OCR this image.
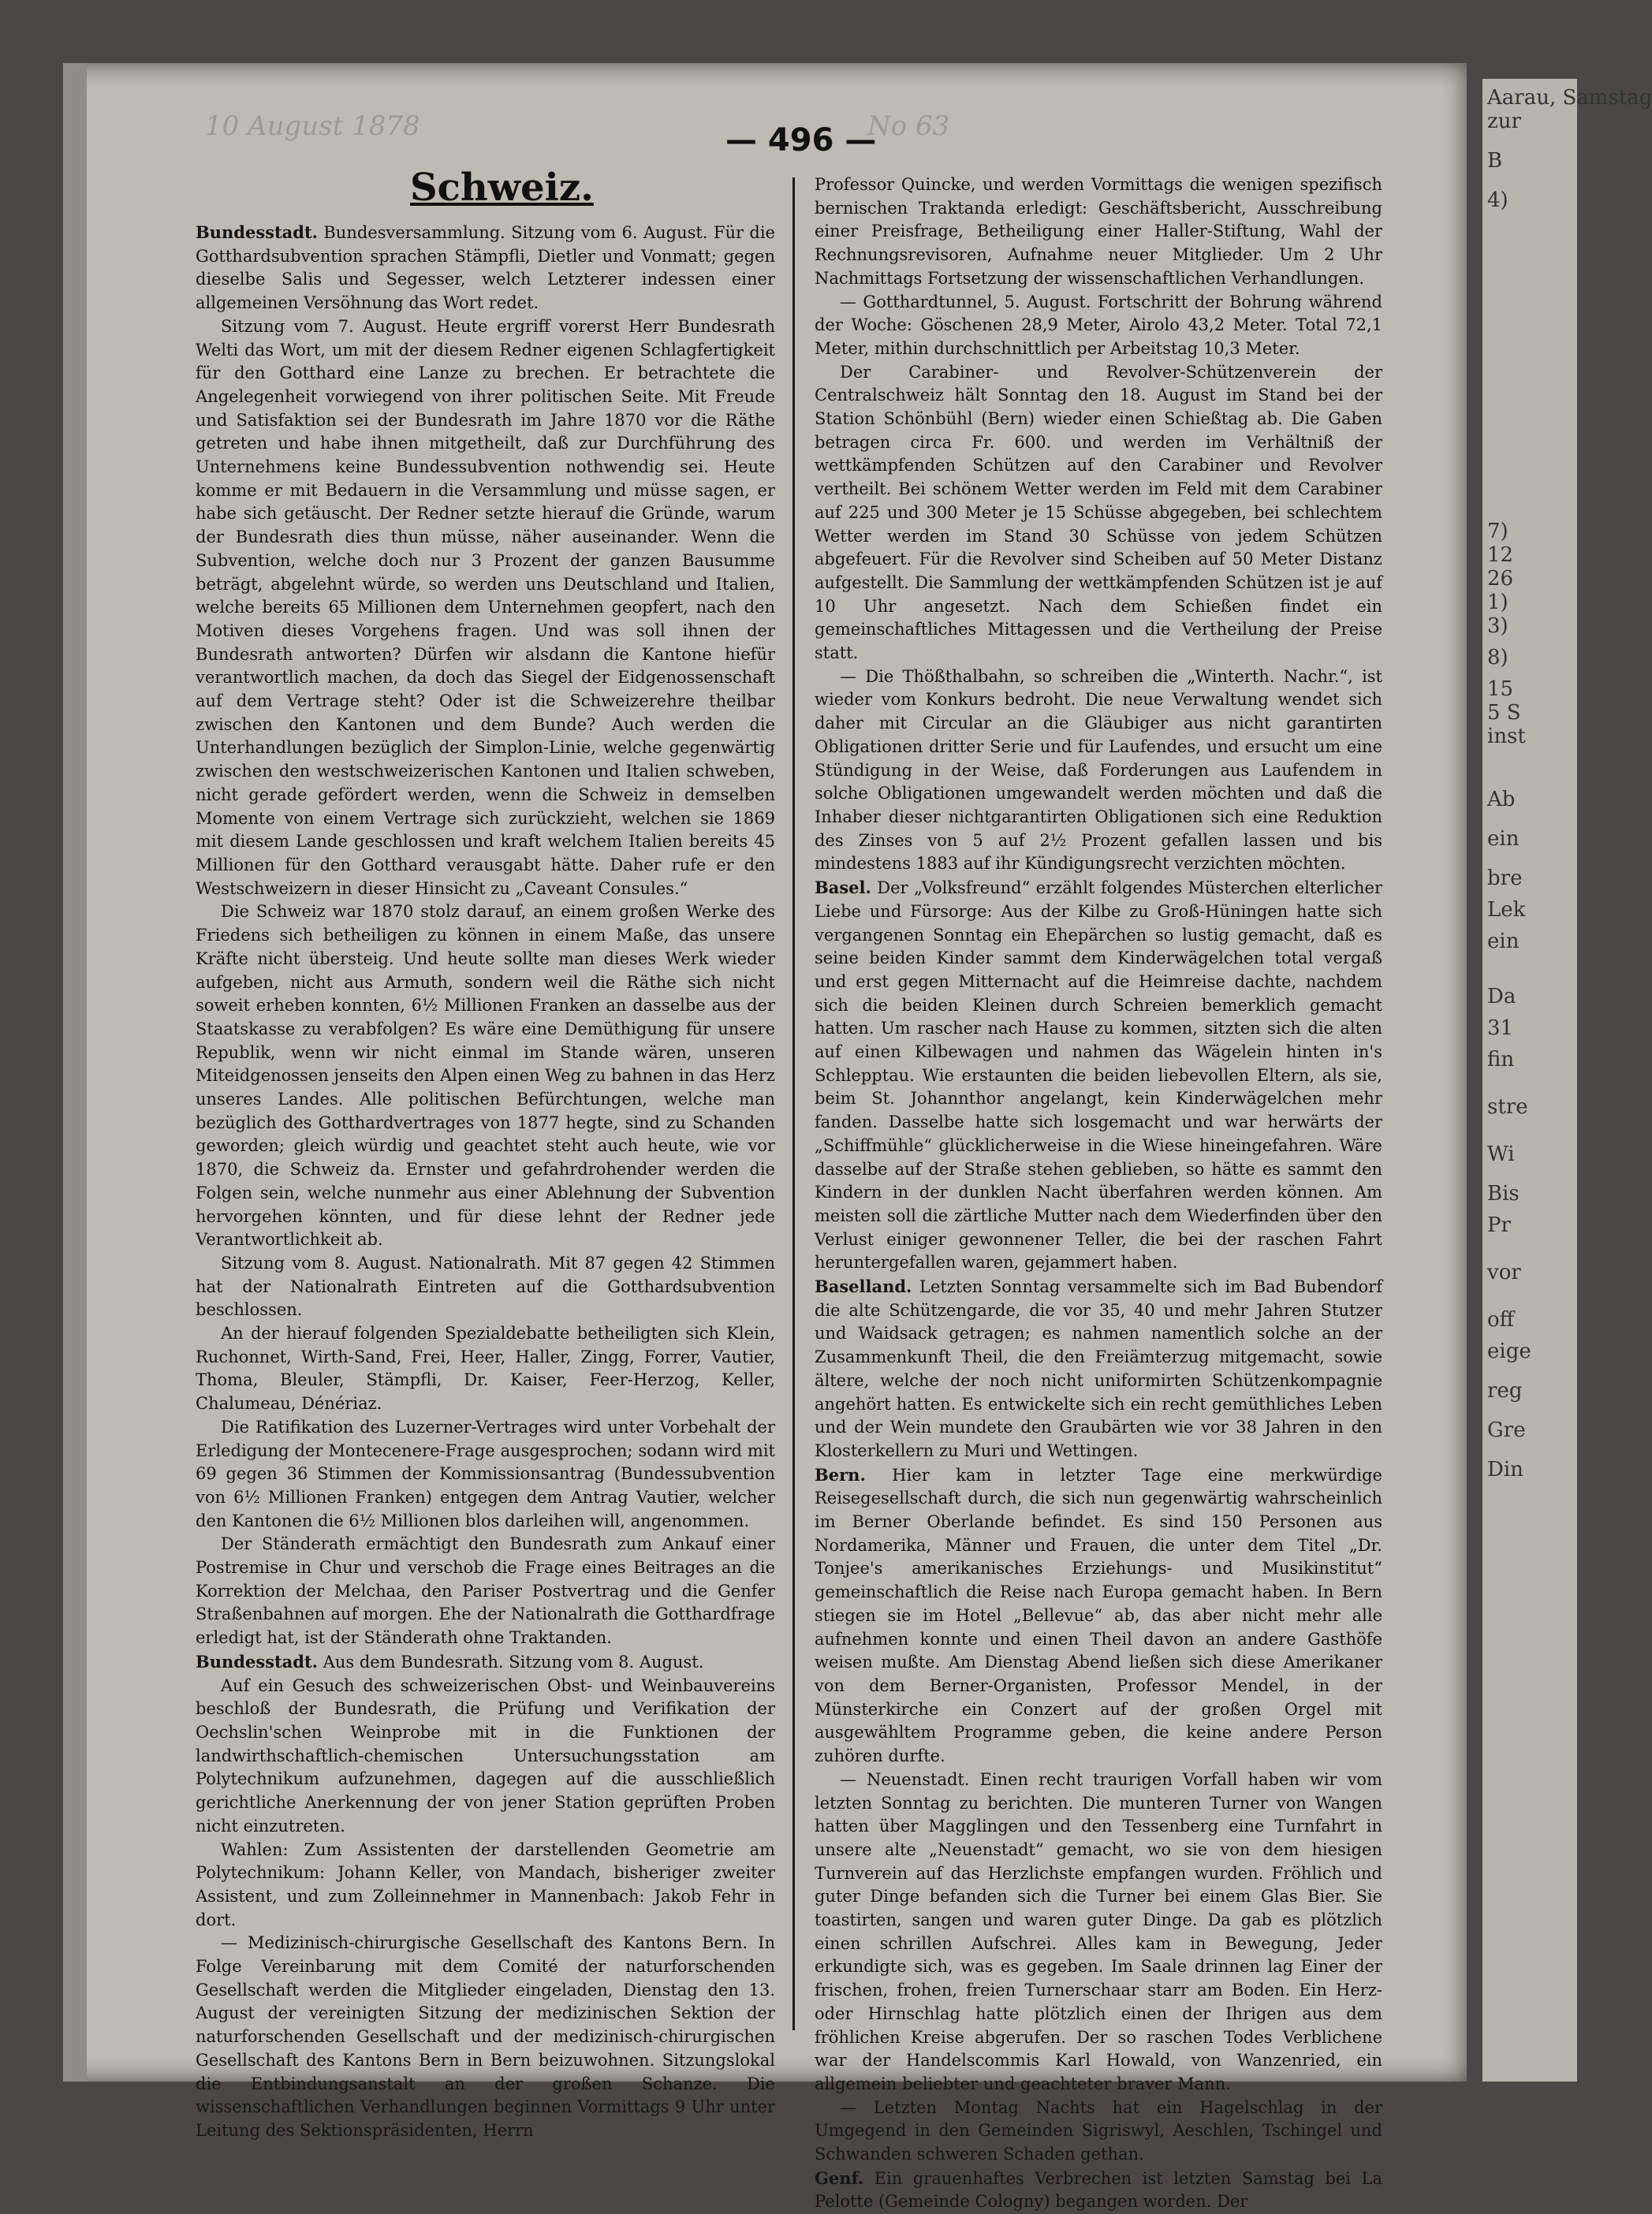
10 August 1878	No 63
— 496 —
Schweiz.

Bundesstadt. Bundesversammlung. Sitzung vom 6. August. Für die Gotthardsubvention sprachen Stämpfli, Dietler und Vonmatt; gegen dieselbe Salis und Segesser, welch Letzterer indessen einer allgemeinen Versöhnung das Wort redet.

Sitzung vom 7. August. Heute ergriff vorerst Herr Bundesrath Welti das Wort, um mit der diesem Redner eigenen Schlagfertigkeit für den Gotthard eine Lanze zu brechen. Er betrachtete die Angelegenheit vorwiegend von ihrer politischen Seite. Mit Freude und Satisfaktion sei der Bundesrath im Jahre 1870 vor die Räthe getreten und habe ihnen mitgetheilt, daß zur Durchführung des Unternehmens keine Bundessubvention nothwendig sei. Heute komme er mit Bedauern in die Versammlung und müsse sagen, er habe sich getäuscht. Der Redner setzte hierauf die Gründe, warum der Bundesrath dies thun müsse, näher auseinander. Wenn die Subvention, welche doch nur 3 Prozent der ganzen Bausumme beträgt, abgelehnt würde, so werden uns Deutschland und Italien, welche bereits 65 Millionen dem Unternehmen geopfert, nach den Motiven dieses Vorgehens fragen. Und was soll ihnen der Bundesrath antworten? Dürfen wir alsdann die Kantone hiefür verantwortlich machen, da doch das Siegel der Eidgenossenschaft auf dem Vertrage steht? Oder ist die Schweizerehre theilbar zwischen den Kantonen und dem Bunde? Auch werden die Unterhandlungen bezüglich der Simplon-Linie, welche gegenwärtig zwischen den westschweizerischen Kantonen und Italien schweben, nicht gerade gefördert werden, wenn die Schweiz in demselben Momente von einem Vertrage sich zurückzieht, welchen sie 1869 mit diesem Lande geschlossen und kraft welchem Italien bereits 45 Millionen für den Gotthard verausgabt hätte. Daher rufe er den Westschweizern in dieser Hinsicht zu „Caveant Consules.“

Die Schweiz war 1870 stolz darauf, an einem großen Werke des Friedens sich betheiligen zu können in einem Maße, das unsere Kräfte nicht übersteig. Und heute sollte man dieses Werk wieder aufgeben, nicht aus Armuth, sondern weil die Räthe sich nicht soweit erheben konnten, 6½ Millionen Franken an dasselbe aus der Staatskasse zu verabfolgen? Es wäre eine Demüthigung für unsere Republik, wenn wir nicht einmal im Stande wären, unseren Miteidgenossen jenseits den Alpen einen Weg zu bahnen in das Herz unseres Landes. Alle politischen Befürchtungen, welche man bezüglich des Gotthardvertrages von 1877 hegte, sind zu Schanden geworden; gleich würdig und geachtet steht auch heute, wie vor 1870, die Schweiz da. Ernster und gefahrdrohender werden die Folgen sein, welche nunmehr aus einer Ablehnung der Subvention hervorgehen könnten, und für diese lehnt der Redner jede Verantwortlichkeit ab.

Sitzung vom 8. August. Nationalrath. Mit 87 gegen 42 Stimmen hat der Nationalrath Eintreten auf die Gotthardsubvention beschlossen.

An der hierauf folgenden Spezialdebatte betheiligten sich Klein, Ruchonnet, Wirth-Sand, Frei, Heer, Haller, Zingg, Forrer, Vautier, Thoma, Bleuler, Stämpfli, Dr. Kaiser, Feer-Herzog, Keller, Chalumeau, Dénériaz.

Die Ratifikation des Luzerner-Vertrages wird unter Vorbehalt der Erledigung der Montecenere-Frage ausgesprochen; sodann wird mit 69 gegen 36 Stimmen der Kommissionsantrag (Bundessubvention von 6½ Millionen Franken) entgegen dem Antrag Vautier, welcher den Kantonen die 6½ Millionen blos darleihen will, angenommen.

Der Ständerath ermächtigt den Bundesrath zum Ankauf einer Postremise in Chur und verschob die Frage eines Beitrages an die Korrektion der Melchaa, den Pariser Postvertrag und die Genfer Straßenbahnen auf morgen. Ehe der Nationalrath die Gotthardfrage erledigt hat, ist der Ständerath ohne Traktanden.

Bundesstadt. Aus dem Bundesrath. Sitzung vom 8. August.

Auf ein Gesuch des schweizerischen Obst- und Weinbauvereins beschloß der Bundesrath, die Prüfung und Verifikation der Oechslin'schen Weinprobe mit in die Funktionen der landwirthschaftlich-chemischen Untersuchungsstation am Polytechnikum aufzunehmen, dagegen auf die ausschließlich gerichtliche Anerkennung der von jener Station geprüften Proben nicht einzutreten.

Wahlen: Zum Assistenten der darstellenden Geometrie am Polytechnikum: Johann Keller, von Mandach, bisheriger zweiter Assistent, und zum Zolleinnehmer in Mannenbach: Jakob Fehr in dort.

— Medizinisch-chirurgische Gesellschaft des Kantons Bern. In Folge Vereinbarung mit dem Comité der naturforschenden Gesellschaft werden die Mitglieder eingeladen, Dienstag den 13. August der vereinigten Sitzung der medizinischen Sektion der naturforschenden Gesellschaft und der medizinisch-chirurgischen Gesellschaft des Kantons Bern in Bern beizuwohnen. Sitzungslokal die Entbindungsanstalt an der großen Schanze. Die wissenschaftlichen Verhandlungen beginnen Vormittags 9 Uhr unter Leitung des Sektionspräsidenten, Herrn

Professor Quincke, und werden Vormittags die wenigen spezifisch bernischen Traktanda erledigt: Geschäftsbericht, Ausschreibung einer Preisfrage, Betheiligung einer Haller-Stiftung, Wahl der Rechnungsrevisoren, Aufnahme neuer Mitglieder. Um 2 Uhr Nachmittags Fortsetzung der wissenschaftlichen Verhandlungen.

— Gotthardtunnel, 5. August. Fortschritt der Bohrung während der Woche: Göschenen 28,9 Meter, Airolo 43,2 Meter. Total 72,1 Meter, mithin durchschnittlich per Arbeitstag 10,3 Meter.

Der Carabiner- und Revolver-Schützenverein der Centralschweiz hält Sonntag den 18. August im Stand bei der Station Schönbühl (Bern) wieder einen Schießtag ab. Die Gaben betragen circa Fr. 600. und werden im Verhältniß der wettkämpfenden Schützen auf den Carabiner und Revolver vertheilt. Bei schönem Wetter werden im Feld mit dem Carabiner auf 225 und 300 Meter je 15 Schüsse abgegeben, bei schlechtem Wetter werden im Stand 30 Schüsse von jedem Schützen abgefeuert. Für die Revolver sind Scheiben auf 50 Meter Distanz aufgestellt. Die Sammlung der wettkämpfenden Schützen ist je auf 10 Uhr angesetzt. Nach dem Schießen findet ein gemeinschaftliches Mittagessen und die Vertheilung der Preise statt.

— Die Thößthalbahn, so schreiben die „Winterth. Nachr.“, ist wieder vom Konkurs bedroht. Die neue Verwaltung wendet sich daher mit Circular an die Gläubiger aus nicht garantirten Obligationen dritter Serie und für Laufendes, und ersucht um eine Stündigung in der Weise, daß Forderungen aus Laufendem in solche Obligationen umgewandelt werden möchten und daß die Inhaber dieser nichtgarantirten Obligationen sich eine Reduktion des Zinses von 5 auf 2½ Prozent gefallen lassen und bis mindestens 1883 auf ihr Kündigungsrecht verzichten möchten.

Basel. Der „Volksfreund“ erzählt folgendes Müsterchen elterlicher Liebe und Fürsorge: Aus der Kilbe zu Groß-Hüningen hatte sich vergangenen Sonntag ein Ehepärchen so lustig gemacht, daß es seine beiden Kinder sammt dem Kinderwägelchen total vergaß und erst gegen Mitternacht auf die Heimreise dachte, nachdem sich die beiden Kleinen durch Schreien bemerklich gemacht hatten. Um rascher nach Hause zu kommen, sitzten sich die alten auf einen Kilbewagen und nahmen das Wägelein hinten in's Schlepptau. Wie erstaunten die beiden liebevollen Eltern, als sie, beim St. Johannthor angelangt, kein Kinderwägelchen mehr fanden. Dasselbe hatte sich losgemacht und war herwärts der „Schiffmühle“ glücklicherweise in die Wiese hineingefahren. Wäre dasselbe auf der Straße stehen geblieben, so hätte es sammt den Kindern in der dunklen Nacht überfahren werden können. Am meisten soll die zärtliche Mutter nach dem Wiederfinden über den Verlust einiger gewonnener Teller, die bei der raschen Fahrt heruntergefallen waren, gejammert haben.

Baselland. Letzten Sonntag versammelte sich im Bad Bubendorf die alte Schützengarde, die vor 35, 40 und mehr Jahren Stutzer und Waidsack getragen; es nahmen namentlich solche an der Zusammenkunft Theil, die den Freiämterzug mitgemacht, sowie ältere, welche der noch nicht uniformirten Schützenkompagnie angehört hatten. Es entwickelte sich ein recht gemüthliches Leben und der Wein mundete den Graubärten wie vor 38 Jahren in den Klosterkellern zu Muri und Wettingen.

Bern. Hier kam in letzter Tage eine merkwürdige Reisegesellschaft durch, die sich nun gegenwärtig wahrscheinlich im Berner Oberlande befindet. Es sind 150 Personen aus Nordamerika, Männer und Frauen, die unter dem Titel „Dr. Tonjee's amerikanisches Erziehungs- und Musikinstitut“ gemeinschaftlich die Reise nach Europa gemacht haben. In Bern stiegen sie im Hotel „Bellevue“ ab, das aber nicht mehr alle aufnehmen konnte und einen Theil davon an andere Gasthöfe weisen mußte. Am Dienstag Abend ließen sich diese Amerikaner von dem Berner-Organisten, Professor Mendel, in der Münsterkirche ein Conzert auf der großen Orgel mit ausgewähltem Programme geben, die keine andere Person zuhören durfte.

— Neuenstadt. Einen recht traurigen Vorfall haben wir vom letzten Sonntag zu berichten. Die munteren Turner von Wangen hatten über Magglingen und den Tessenberg eine Turnfahrt in unsere alte „Neuenstadt“ gemacht, wo sie von dem hiesigen Turnverein auf das Herzlichste empfangen wurden. Fröhlich und guter Dinge befanden sich die Turner bei einem Glas Bier. Sie toastirten, sangen und waren guter Dinge. Da gab es plötzlich einen schrillen Aufschrei. Alles kam in Bewegung, Jeder erkundigte sich, was es gegeben. Im Saale drinnen lag Einer der frischen, frohen, freien Turnerschaar starr am Boden. Ein Herz- oder Hirnschlag hatte plötzlich einen der Ihrigen aus dem fröhlichen Kreise abgerufen. Der so raschen Todes Verblichene war der Handelscommis Karl Howald, von Wanzenried, ein allgemein beliebter und geachteter braver Mann.

— Letzten Montag Nachts hat ein Hagelschlag in der Umgegend in den Gemeinden Sigriswyl, Aeschlen, Tschingel und Schwanden schweren Schaden gethan.

Genf. Ein grauenhaftes Verbrechen ist letzten Samstag bei La Pelotte (Gemeinde Cologny) begangen worden. Der

Aarau, Samstag
zur
B
4)
7)
12
26
1)
3)
8)
15
5 S
inst
Ab
ein
bre
Lek
ein
Da
31
fin
stre
Wi
Bis
Pr
vor
off
eige
reg
Gre
Din
